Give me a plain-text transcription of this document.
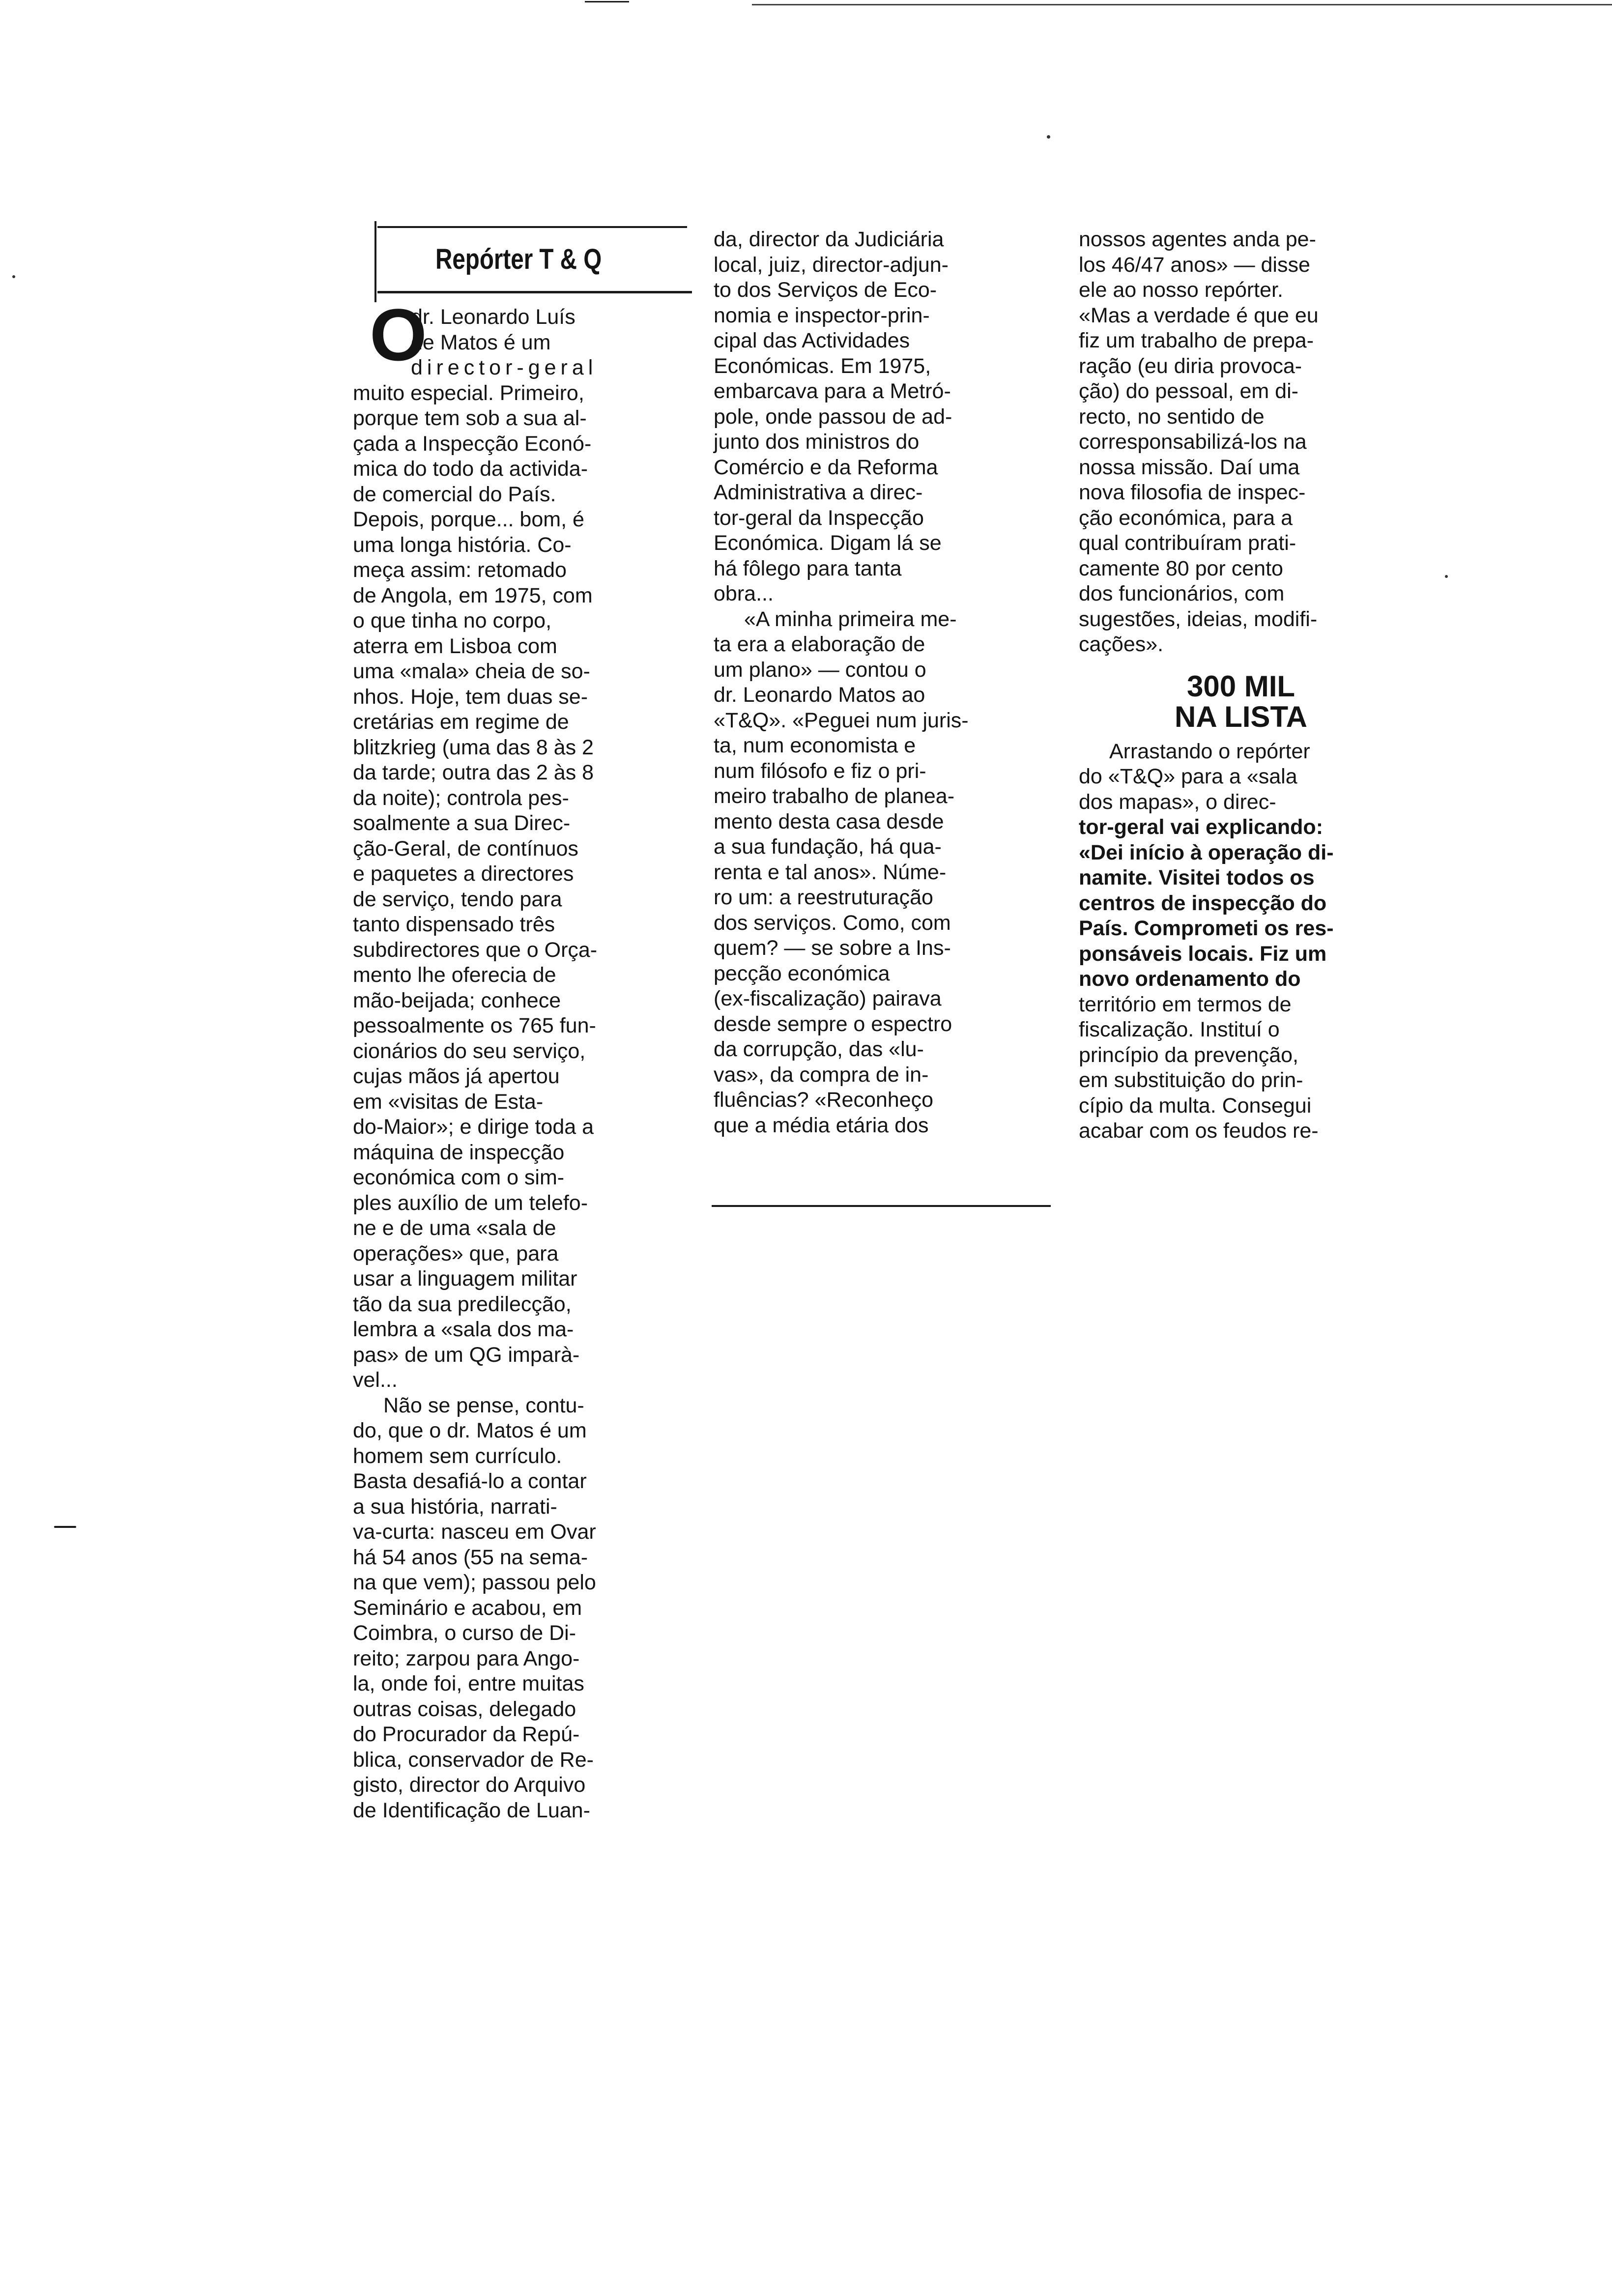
Repórter T & Q
O
dr. Leonardo Luís
de Matos é um
director-geral

muito especial. Primeiro,
porque tem sob a sua al-
çada a Inspecção Econó-
mica do todo da activida-
de comercial do País.
Depois, porque... bom, é
uma longa história. Co-
meça assim: retomado
de Angola, em 1975, com
o que tinha no corpo,
aterra em Lisboa com
uma «mala» cheia de so-
nhos. Hoje, tem duas se-
cretárias em regime de
blitzkrieg (uma das 8 às 2
da tarde; outra das 2 às 8
da noite); controla pes-
soalmente a sua Direc-
ção-Geral, de contínuos
e paquetes a directores
de serviço, tendo para
tanto dispensado três
subdirectores que o Orça-
mento lhe oferecia de
mão-beijada; conhece
pessoalmente os 765 fun-
cionários do seu serviço,
cujas mãos já apertou
em «visitas de Esta-
do-Maior»; e dirige toda a
máquina de inspecção
económica com o sim-
ples auxílio de um telefo-
ne e de uma «sala de
operações» que, para
usar a linguagem militar
tão da sua predilecção,
lembra a «sala dos ma-
pas» de um QG imparà-
vel...

Não se pense, contu-
do, que o dr. Matos é um
homem sem currículo.
Basta desafiá-lo a contar
a sua história, narrati-
va-curta: nasceu em Ovar
há 54 anos (55 na sema-
na que vem); passou pelo
Seminário e acabou, em
Coimbra, o curso de Di-
reito; zarpou para Ango-
la, onde foi, entre muitas
outras coisas, delegado
do Procurador da Repú-
blica, conservador de Re-
gisto, director do Arquivo
de Identificação de Luan-

da, director da Judiciária
local, juiz, director-adjun-
to dos Serviços de Eco-
nomia e inspector-prin-
cipal das Actividades
Económicas. Em 1975,
embarcava para a Metró-
pole, onde passou de ad-
junto dos ministros do
Comércio e da Reforma
Administrativa a direc-
tor-geral da Inspecção
Económica. Digam lá se
há fôlego para tanta
obra...

«A minha primeira me-
ta era a elaboração de
um plano» — contou o
dr. Leonardo Matos ao
«T&Q». «Peguei num juris-
ta, num economista e
num filósofo e fiz o pri-
meiro trabalho de planea-
mento desta casa desde
a sua fundação, há qua-
renta e tal anos». Núme-
ro um: a reestruturação
dos serviços. Como, com
quem? — se sobre a Ins-
pecção económica
(ex-fiscalização) pairava
desde sempre o espectro
da corrupção, das «lu-
vas», da compra de in-
fluências? «Reconheço
que a média etária dos

nossos agentes anda pe-
los 46/47 anos» — disse
ele ao nosso repórter.
«Mas a verdade é que eu
fiz um trabalho de prepa-
ração (eu diria provoca-
ção) do pessoal, em di-
recto, no sentido de
corresponsabilizá-los na
nossa missão. Daí uma
nova filosofia de inspec-
ção económica, para a
qual contribuíram prati-
camente 80 por cento
dos funcionários, com
sugestões, ideias, modifi-
cações».

300 MIL
NA LISTA

Arrastando o repórter
do «T&Q» para a «sala
dos mapas», o direc-
tor-geral vai explicando:
«Dei início à operação di-
namite. Visitei todos os
centros de inspecção do
País. Comprometi os res-
ponsáveis locais. Fiz um
novo ordenamento do
território em termos de
fiscalização. Instituí o
princípio da prevenção,
em substituição do prin-
cípio da multa. Consegui
acabar com os feudos re-
